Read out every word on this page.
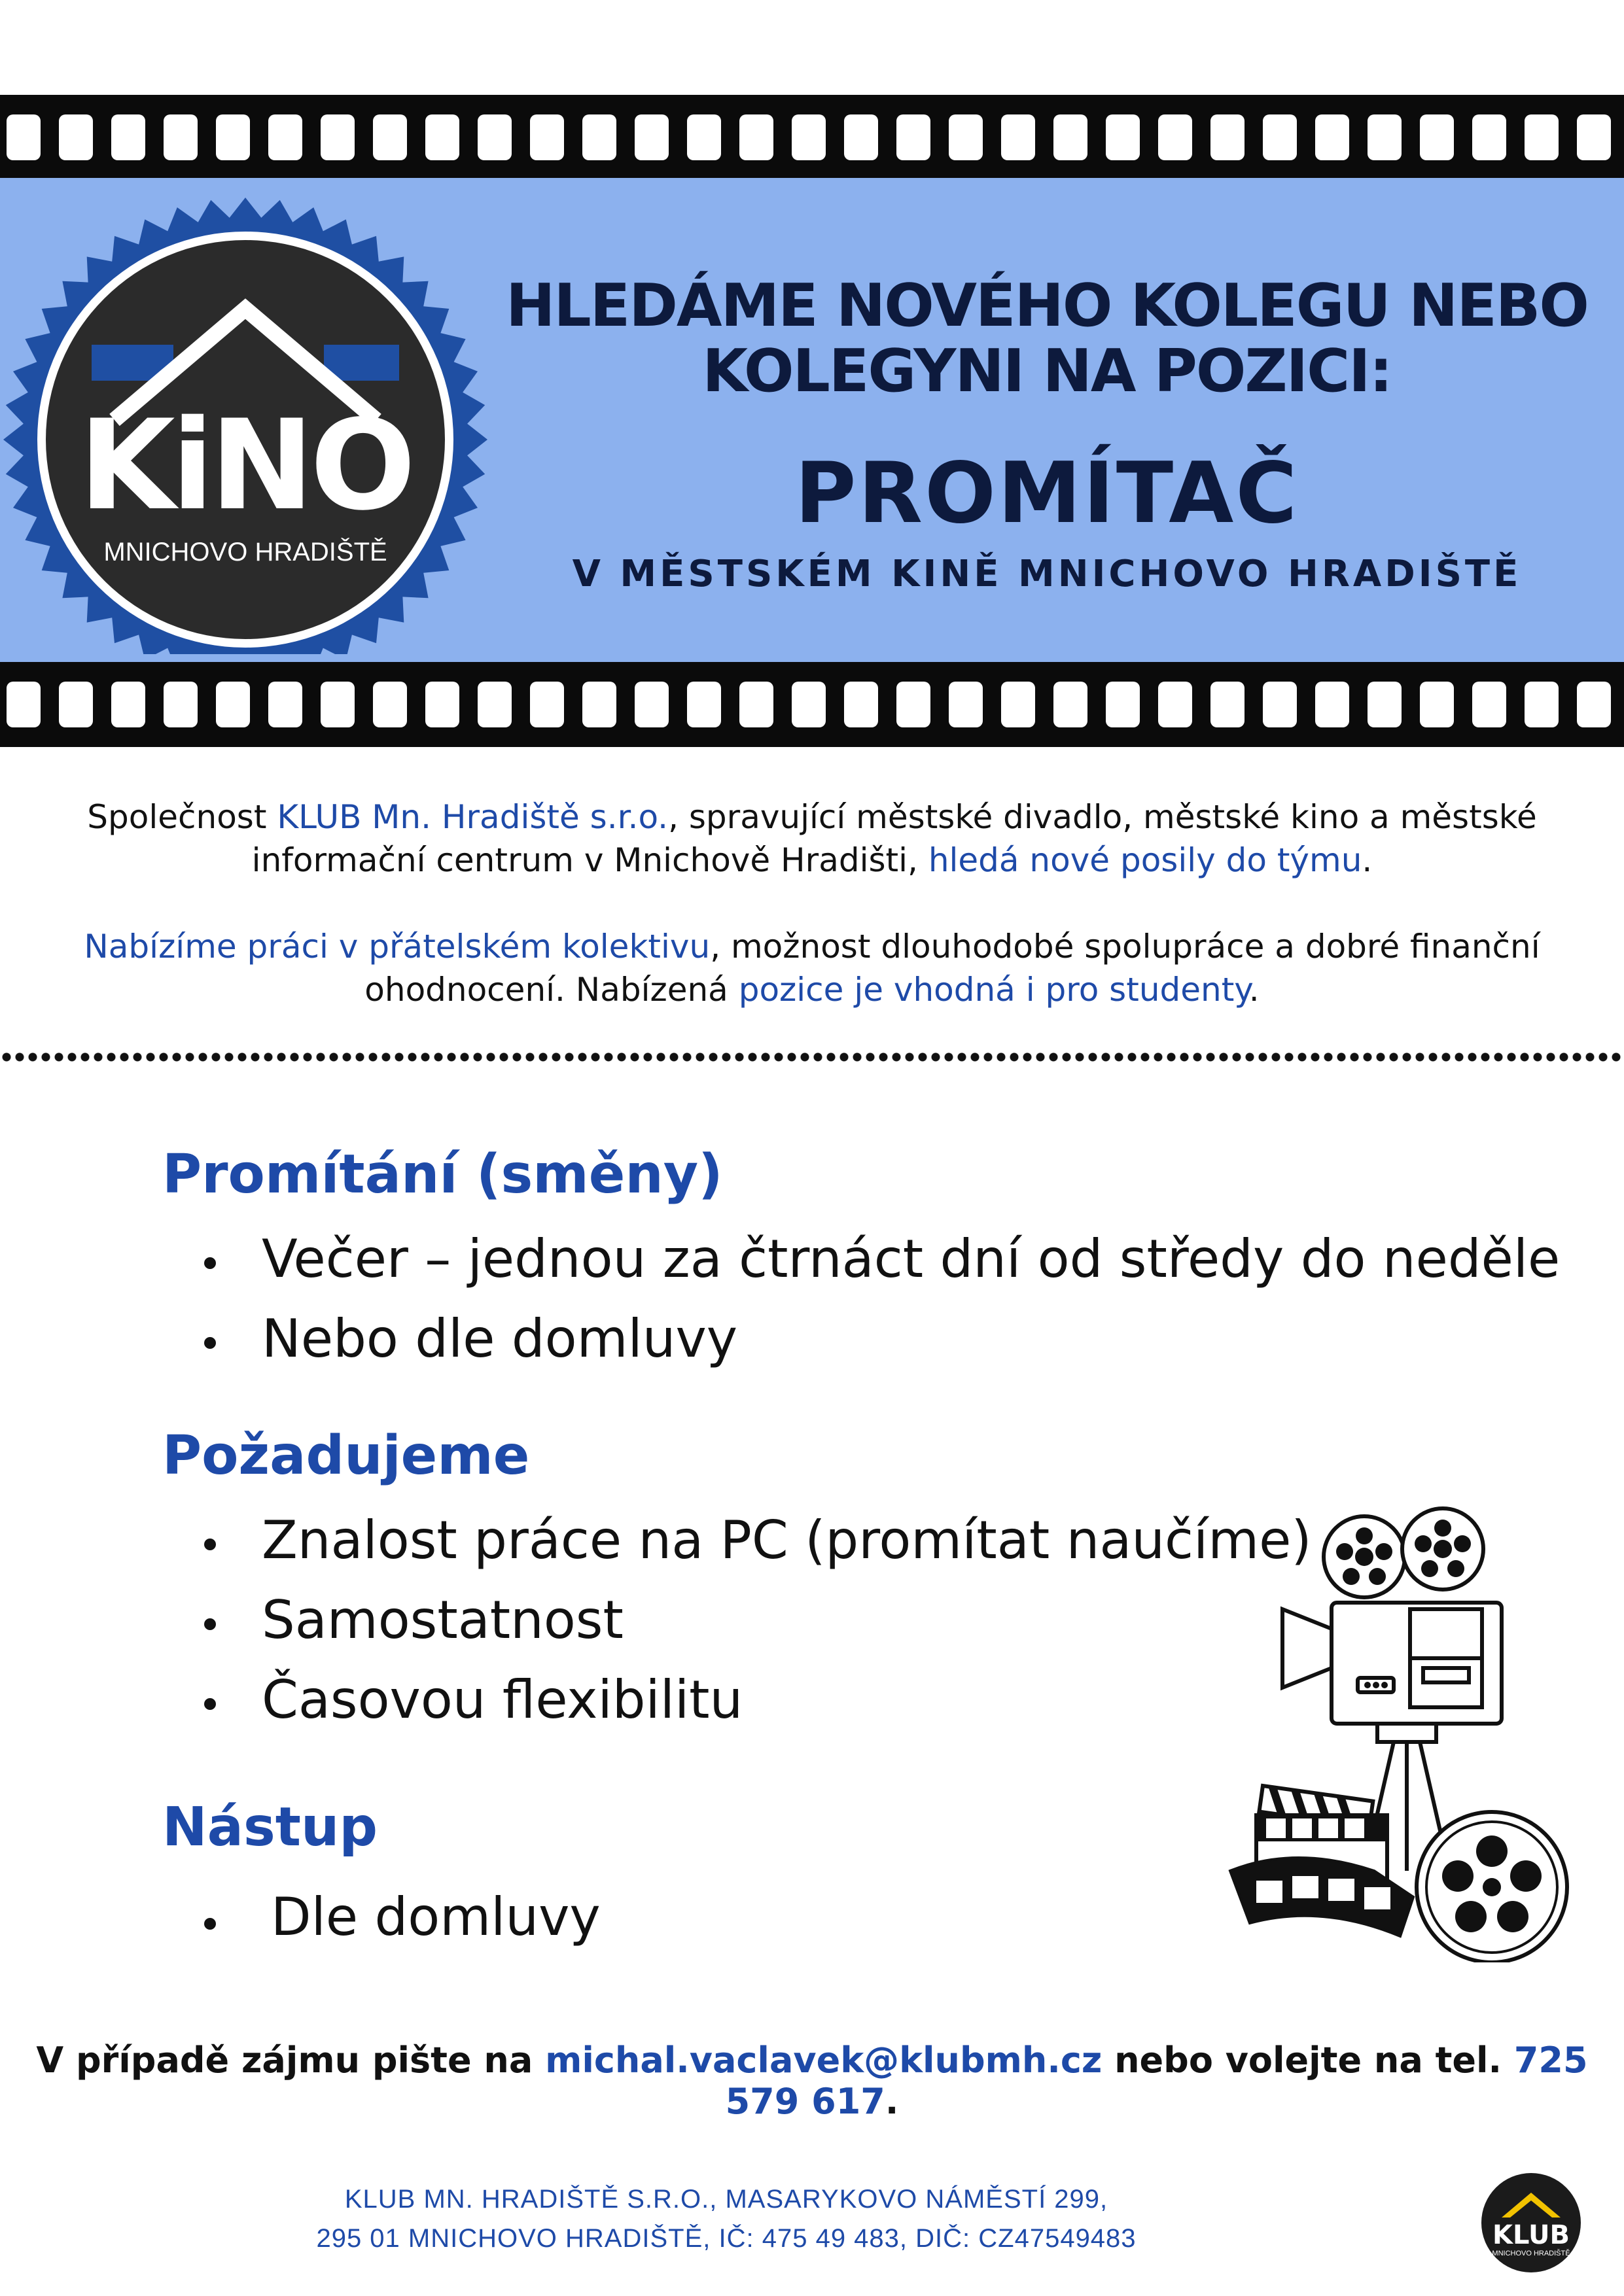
KiNO
MNICHOVO HRADIŠTĚ
HLEDÁME NOVÉHO KOLEGU NEBO
KOLEGYNI NA POZICI:
PROMÍTAČ
V MĚSTSKÉM KINĚ MNICHOVO HRADIŠTĚ
Společnost KLUB Mn. Hradiště s.r.o., spravující městské divadlo, městské kino a městské
informační centrum v Mnichově Hradišti, hledá nové posily do týmu.
Nabízíme práci v přátelském kolektivu, možnost dlouhodobé spolupráce a dobré finanční
ohodnocení. Nabízená pozice je vhodná i pro studenty.
Promítání (směny)
Večer – jednou za čtrnáct dní od středy do neděle
Nebo dle domluvy
Požadujeme
Znalost práce na PC (promítat naučíme)
Samostatnost
Časovou flexibilitu
Nástup
Dle domluvy
V případě zájmu pište na michal.vaclavek@klubmh.cz nebo volejte na tel. 725 579 617.
KLUB MN. HRADIŠTĚ S.R.O., MASARYKOVO NÁMĚSTÍ 299,
295 01 MNICHOVO HRADIŠTĚ, IČ: 475 49 483, DIČ: CZ47549483	KLUB
MNICHOVO HRADIŠTĚ
